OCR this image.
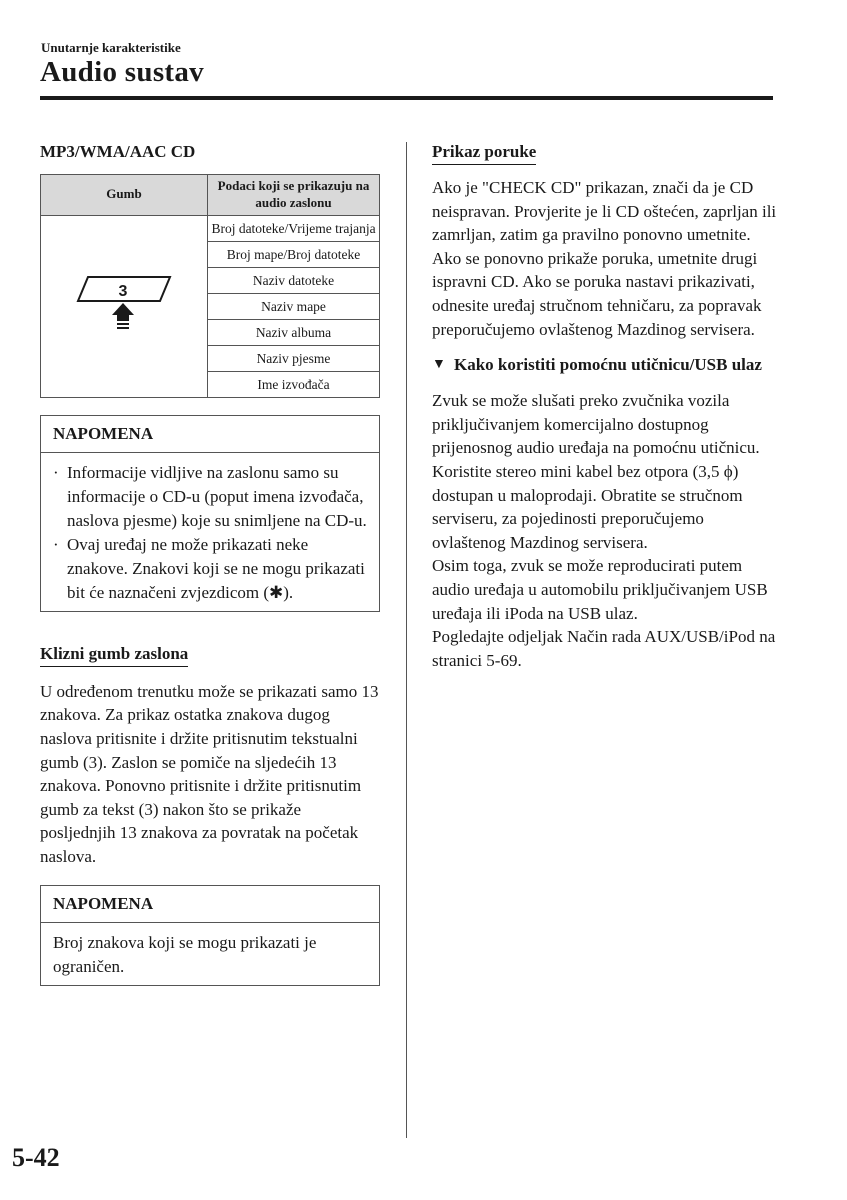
Unutarnje karakteristike
Audio sustav
MP3/WMA/AAC CD
Gumb	Podaci koji se prikazuju na audio zaslonu

3	Broj datoteke/Vrijeme trajanja
	Broj mape/Broj datoteke
	Naziv datoteke
	Naziv mape
	Naziv albuma
	Naziv pjesme
	Ime izvođača
NAPOMENA
· Informacije vidljive na zaslonu samo su informacije o CD-u (poput imena izvođača, naslova pjesme) koje su snimljene na CD-u.
· Ovaj uređaj ne može prikazati neke znakove. Znakovi koji se ne mogu prikazati bit će naznačeni zvjezdicom (✱).
Klizni gumb zaslona

U određenom trenutku može se prikazati samo 13 znakova. Za prikaz ostatka znakova dugog naslova pritisnite i držite pritisnutim tekstualni gumb (3). Zaslon se pomiče na sljedećih 13 znakova. Ponovno pritisnite i držite pritisnutim gumb za tekst (3) nakon što se prikaže posljednjih 13 znakova za povratak na početak naslova.

NAPOMENA
Broj znakova koji se mogu prikazati je ograničen.
Prikaz poruke

Ako je "CHECK CD" prikazan, znači da je CD neispravan. Provjerite je li CD oštećen, zaprljan ili zamrljan, zatim ga pravilno ponovno umetnite. Ako se ponovno prikaže poruka, umetnite drugi ispravni CD. Ako se poruka nastavi prikazivati, odnesite uređaj stručnom tehničaru, za popravak preporučujemo ovlaštenog Mazdinog servisera.

▼ Kako koristiti pomoćnu utičnicu/USB ulaz

Zvuk se može slušati preko zvučnika vozila priključivanjem komercijalno dostupnog prijenosnog audio uređaja na pomoćnu utičnicu.

Koristite stereo mini kabel bez otpora (3,5 ϕ) dostupan u maloprodaji. Obratite se stručnom serviseru, za pojedinosti preporučujemo ovlaštenog Mazdinog servisera.

Osim toga, zvuk se može reproducirati putem audio uređaja u automobilu priključivanjem USB uređaja ili iPoda na USB ulaz.

Pogledajte odjeljak Način rada AUX/USB/iPod na stranici 5-69.

5-42
